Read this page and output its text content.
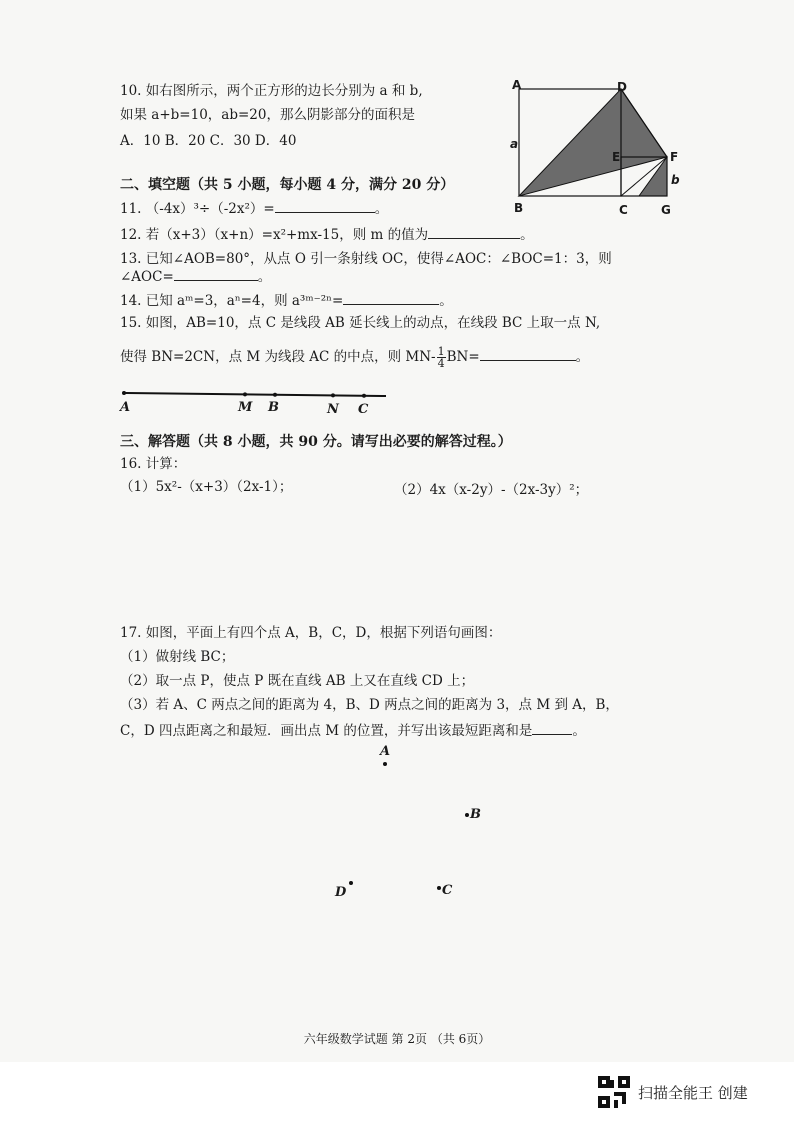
10. 如右图所示，两个正方形的边长分别为 a 和 b,
如果 a+b=10，ab=20，那么阴影部分的面积是
A．10 B．20 C．30 D．40
A	D
E	F
a
b
B	C	G
二、填空题（共 5 小题，每小题 4 分，满分 20 分）
11. （-4x）³÷（-2x²）=	。
12. 若（x+3）（x+n）=x²+mx-15，则 m 的值为	。
13. 已知∠AOB=80°，从点 O 引一条射线 OC，使得∠AOC：∠BOC=1：3，则
∠AOC=	。
14. 已知 aᵐ=3，aⁿ=4，则 a³ᵐ⁻²ⁿ=	。
15. 如图，AB=10，点 C 是线段 AB 延长线上的动点，在线段 BC 上取一点 N,
使得 BN=2CN，点 M 为线段 AC 的中点，则 $MN- \frac{1}{4} BN=$	。
A	M B	N C
三、解答题（共 8 小题，共 90 分。请写出必要的解答过程。）
16. 计算：
（1）5x²-（x+3）（2x-1）；	（2）4x（x-2y）-（2x-3y）²；
17. 如图，平面上有四个点 A，B，C，D，根据下列语句画图：
（1）做射线 BC；
（2）取一点 P，使点 P 既在直线 AB 上又在直线 CD 上；
（3）若 A、C 两点之间的距离为 4，B、D 两点之间的距离为 3，点 M 到 A，B，
C，D 四点距离之和最短．画出点 M 的位置，并写出该最短距离和是	。
A
B
D	C
六年级数学试题 第 2页 （共 6页）
扫描全能王 创建
